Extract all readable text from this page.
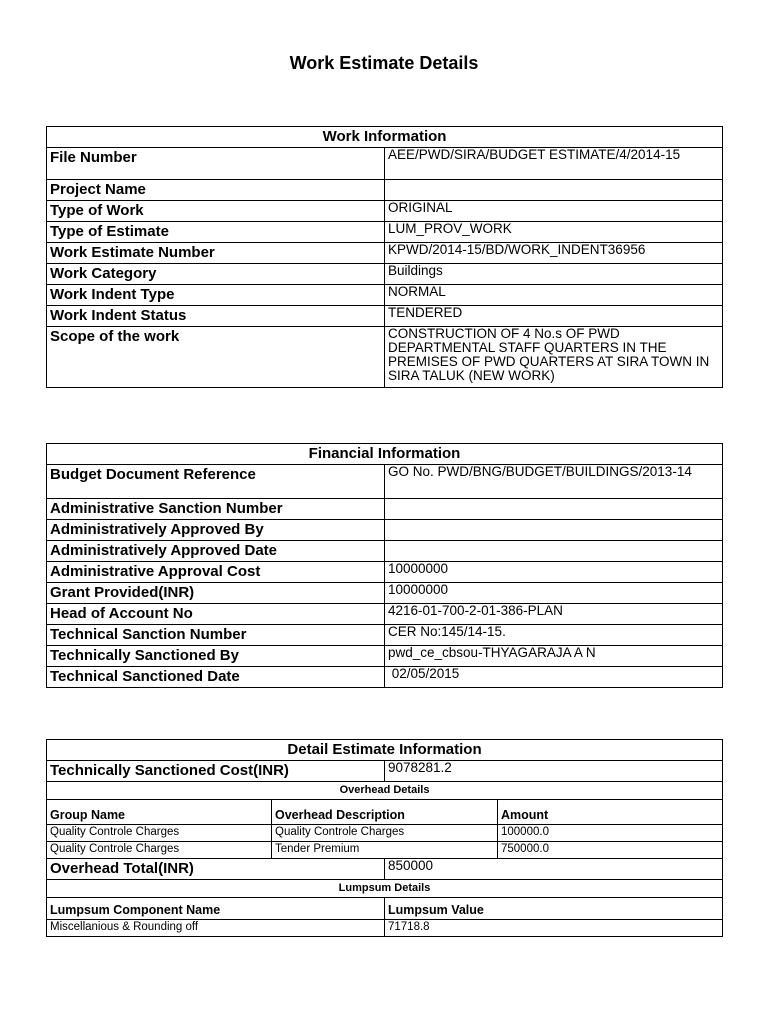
Work Estimate Details
Work Information	
File Number	AEE/PWD/SIRA/BUDGET ESTIMATE/4/2014-15
Project Name	
Type of Work	ORIGINAL
Type of Estimate	LUM_PROV_WORK
Work Estimate Number	KPWD/2014-15/BD/WORK_INDENT36956
Work Category	Buildings
Work Indent Type	NORMAL
Work Indent Status	TENDERED
Scope of the work	CONSTRUCTION OF 4 No.s OF PWD DEPARTMENTAL STAFF QUARTERS IN THE PREMISES OF PWD QUARTERS AT SIRA TOWN IN SIRA TALUK (NEW WORK)
Financial Information	
Budget Document Reference	GO No. PWD/BNG/BUDGET/BUILDINGS/2013-14
Administrative Sanction Number	
Administratively Approved By	
Administratively Approved Date	
Administrative Approval Cost	10000000
Grant Provided(INR)	10000000
Head of Account No	4216-01-700-2-01-386-PLAN
Technical Sanction Number	CER No:145/14-15.
Technically Sanctioned By	pwd_ce_cbsou-THYAGARAJA A N
Technical Sanctioned Date	02/05/2015
Detail Estimate Information			
Technically Sanctioned Cost(INR)		9078281.2	
Overhead Details			
Group Name	Overhead Description		Amount
Quality Controle Charges	Quality Controle Charges		100000.0
Quality Controle Charges	Tender Premium		750000.0
Overhead Total(INR)		850000	
Lumpsum Details			
Lumpsum Component Name		Lumpsum Value	
Miscellanious & Rounding off		71718.8	
